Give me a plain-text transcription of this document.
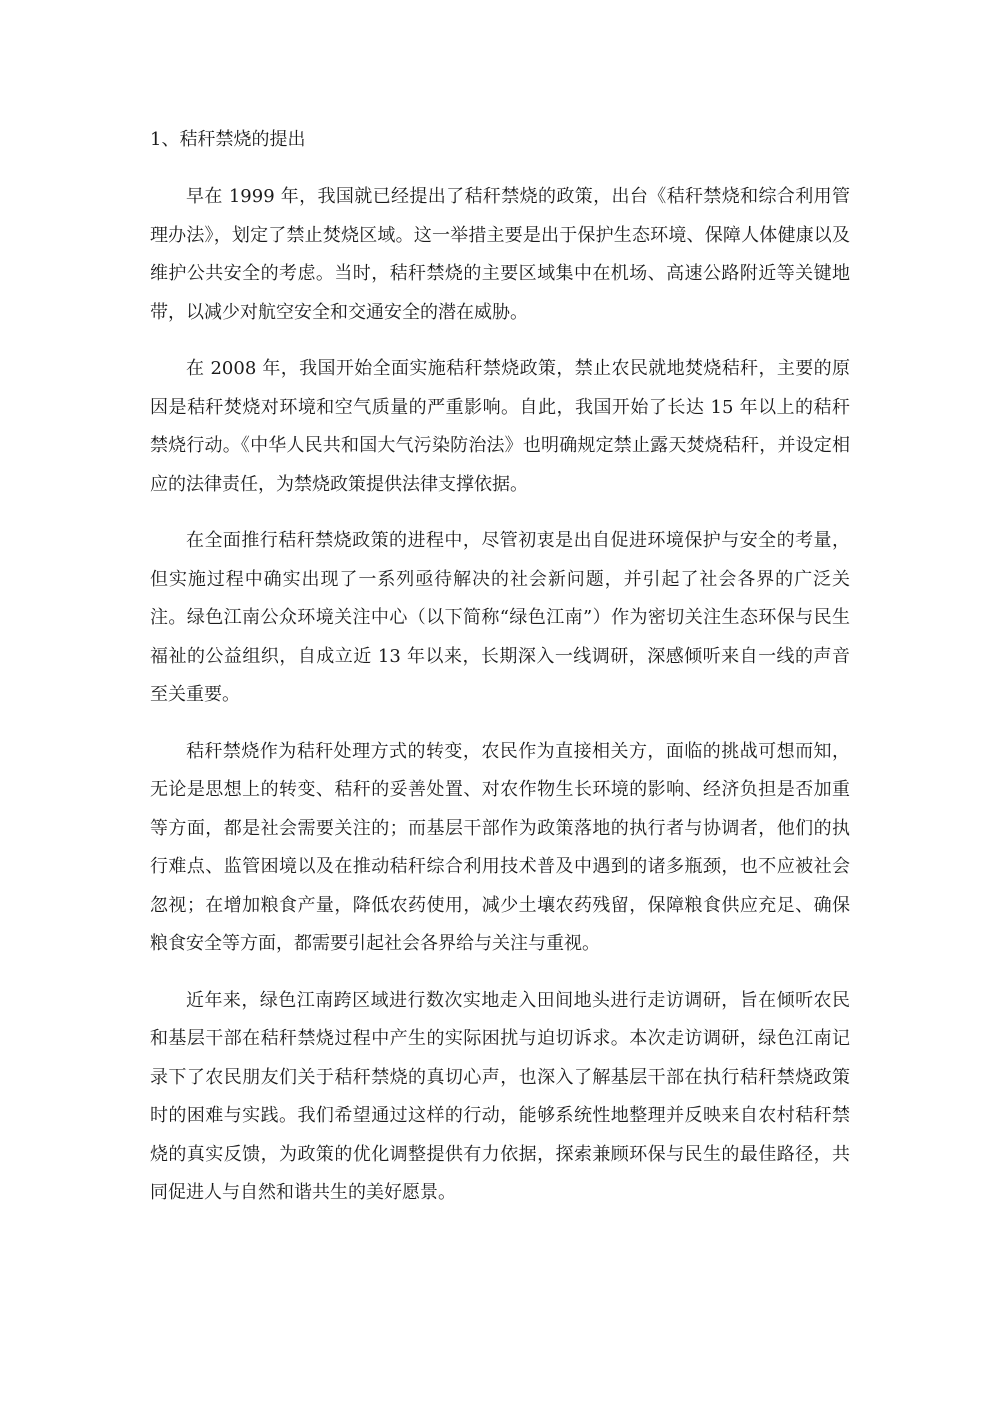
1、秸秆禁烧的提出

早在 1999 年，我国就已经提出了秸秆禁烧的政策，出台《秸秆禁烧和综合利用管理办法》，划定了禁止焚烧区域。这一举措主要是出于保护生态环境、保障人体健康以及维护公共安全的考虑。当时，秸秆禁烧的主要区域集中在机场、高速公路附近等关键地带，以减少对航空安全和交通安全的潜在威胁。

在 2008 年，我国开始全面实施秸秆禁烧政策，禁止农民就地焚烧秸秆，主要的原因是秸秆焚烧对环境和空气质量的严重影响。自此，我国开始了长达 15 年以上的秸秆禁烧行动。《中华人民共和国大气污染防治法》也明确规定禁止露天焚烧秸秆，并设定相应的法律责任，为禁烧政策提供法律支撑依据。

在全面推行秸秆禁烧政策的进程中，尽管初衷是出自促进环境保护与安全的考量，但实施过程中确实出现了一系列亟待解决的社会新问题，并引起了社会各界的广泛关注。绿色江南公众环境关注中心（以下简称“绿色江南”）作为密切关注生态环保与民生福祉的公益组织，自成立近 13 年以来，长期深入一线调研，深感倾听来自一线的声音至关重要。

秸秆禁烧作为秸秆处理方式的转变，农民作为直接相关方，面临的挑战可想而知，无论是思想上的转变、秸秆的妥善处置、对农作物生长环境的影响、经济负担是否加重等方面，都是社会需要关注的；而基层干部作为政策落地的执行者与协调者，他们的执行难点、监管困境以及在推动秸秆综合利用技术普及中遇到的诸多瓶颈，也不应被社会忽视；在增加粮食产量，降低农药使用，减少土壤农药残留，保障粮食供应充足、确保粮食安全等方面，都需要引起社会各界给与关注与重视。

近年来，绿色江南跨区域进行数次实地走入田间地头进行走访调研，旨在倾听农民和基层干部在秸秆禁烧过程中产生的实际困扰与迫切诉求。本次走访调研，绿色江南记录下了农民朋友们关于秸秆禁烧的真切心声，也深入了解基层干部在执行秸秆禁烧政策时的困难与实践。我们希望通过这样的行动，能够系统性地整理并反映来自农村秸秆禁烧的真实反馈，为政策的优化调整提供有力依据，探索兼顾环保与民生的最佳路径，共同促进人与自然和谐共生的美好愿景。
